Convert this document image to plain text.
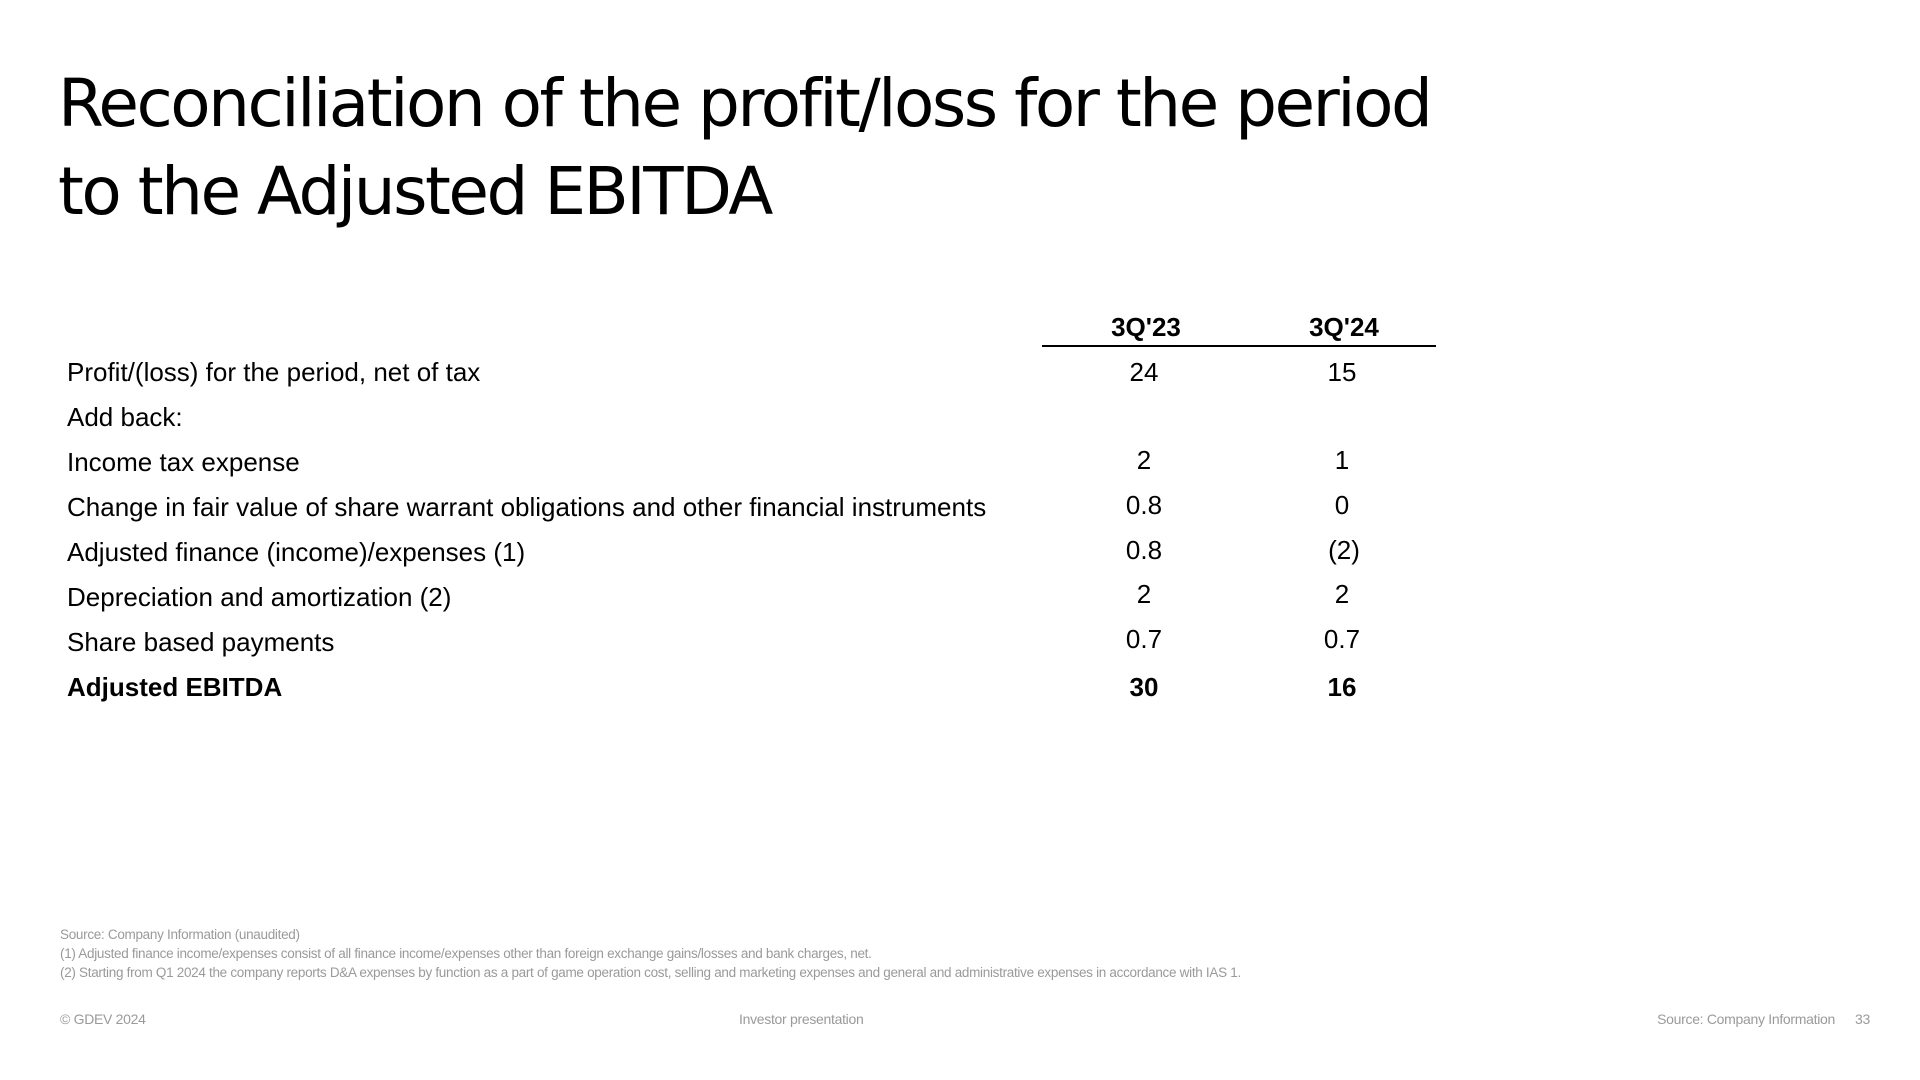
Reconciliation of the profit/loss for the period
to the Adjusted EBITDA
3Q'23	3Q'24
Profit/(loss) for the period, net of tax	24	15
Add back:
Income tax expense	2	1
Change in fair value of share warrant obligations and other financial instruments	0.8	0
Adjusted finance (income)/expenses (1)	0.8	(2)
Depreciation and amortization (2)	2	2
Share based payments	0.7	0.7
Adjusted EBITDA	30	16
Source: Company Information (unaudited)
(1) Adjusted finance income/expenses consist of all finance income/expenses other than foreign exchange gains/losses and bank charges, net.
(2) Starting from Q1 2024 the company reports D&A expenses by function as a part of game operation cost, selling and marketing expenses and general and administrative expenses in accordance with IAS 1.
© GDEV 2024	Investor presentation	Source: Company Information 33
